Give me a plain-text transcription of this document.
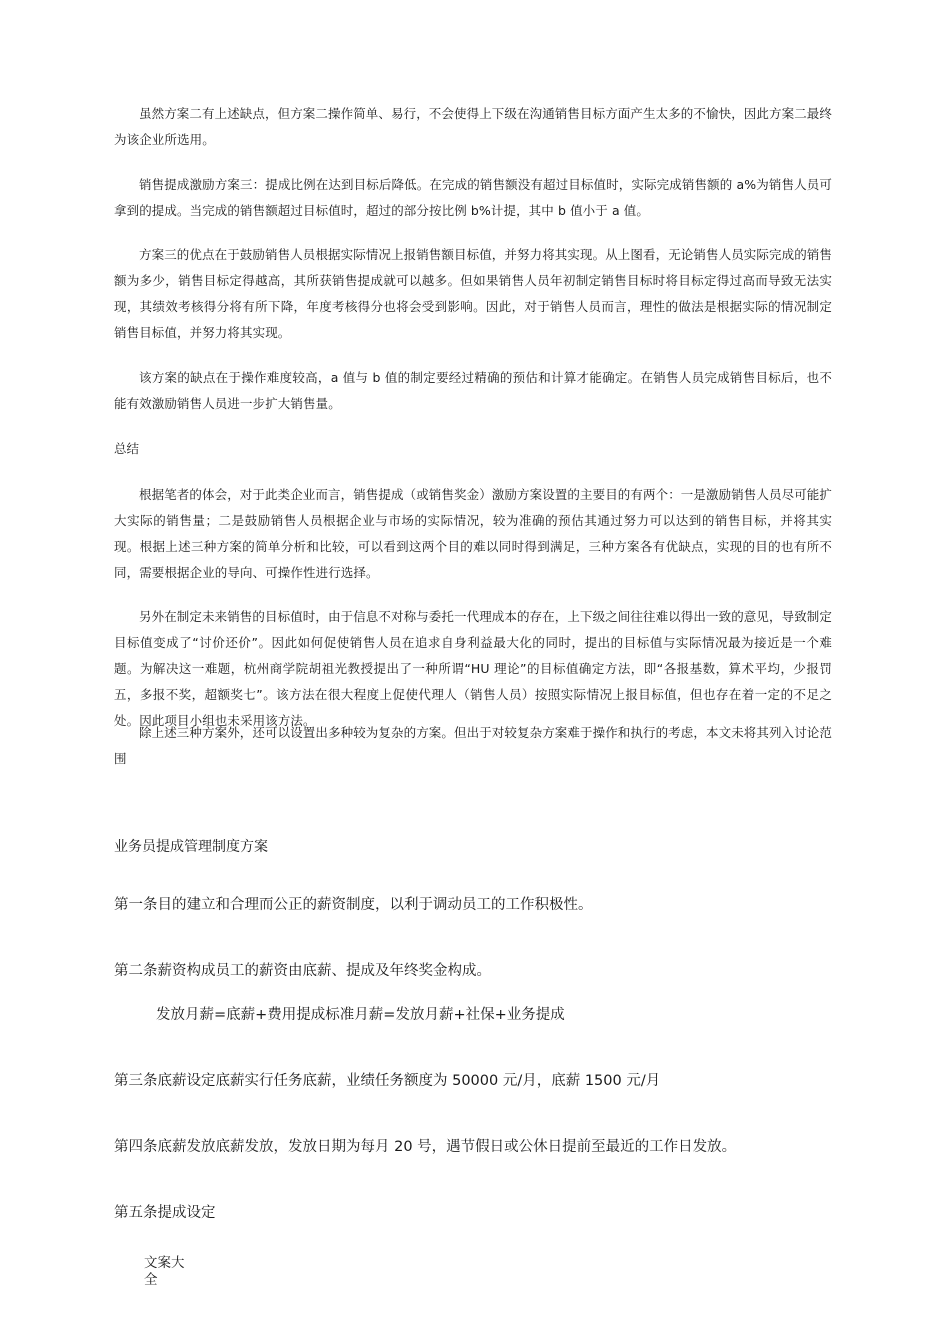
虽然方案二有上述缺点，但方案二操作简单、易行，不会使得上下级在沟通销售目标方面产生太多的不愉快，因此方案二最终为该企业所选用。

销售提成激励方案三：提成比例在达到目标后降低。在完成的销售额没有超过目标值时，实际完成销售额的 a%为销售人员可拿到的提成。当完成的销售额超过目标值时，超过的部分按比例 b%计提，其中 b 值小于 a 值。

方案三的优点在于鼓励销售人员根据实际情况上报销售额目标值，并努力将其实现。从上图看，无论销售人员实际完成的销售额为多少，销售目标定得越高，其所获销售提成就可以越多。但如果销售人员年初制定销售目标时将目标定得过高而导致无法实现，其绩效考核得分将有所下降，年度考核得分也将会受到影响。因此，对于销售人员而言，理性的做法是根据实际的情况制定销售目标值，并努力将其实现。

该方案的缺点在于操作难度较高，a 值与 b 值的制定要经过精确的预估和计算才能确定。在销售人员完成销售目标后，也不能有效激励销售人员进一步扩大销售量。

总结

根据笔者的体会，对于此类企业而言，销售提成（或销售奖金）激励方案设置的主要目的有两个：一是激励销售人员尽可能扩大实际的销售量；二是鼓励销售人员根据企业与市场的实际情况，较为准确的预估其通过努力可以达到的销售目标，并将其实现。根据上述三种方案的简单分析和比较，可以看到这两个目的难以同时得到满足，三种方案各有优缺点，实现的目的也有所不同，需要根据企业的导向、可操作性进行选择。

另外在制定未来销售的目标值时，由于信息不对称与委托一代理成本的存在，上下级之间往往难以得出一致的意见，导致制定目标值变成了“讨价还价”。因此如何促使销售人员在追求自身利益最大化的同时，提出的目标值与实际情况最为接近是一个难题。为解决这一难题，杭州商学院胡祖光教授提出了一种所谓“HU 理论”的目标值确定方法，即“各报基数，算术平均，少报罚五，多报不奖，超额奖七”。该方法在很大程度上促使代理人（销售人员）按照实际情况上报目标值，但也存在着一定的不足之处。因此项目小组也未采用该方法。

除上述三种方案外，还可以设置出多种较为复杂的方案。但出于对较复杂方案难于操作和执行的考虑，本文未将其列入讨论范围

业务员提成管理制度方案

第一条目的建立和合理而公正的薪资制度，以利于调动员工的工作积极性。

第二条薪资构成员工的薪资由底薪、提成及年终奖金构成。

发放月薪=底薪+费用提成标准月薪=发放月薪+社保+业务提成

第三条底薪设定底薪实行任务底薪，业绩任务额度为 50000 元/月，底薪 1500 元/月

第四条底薪发放底薪发放，发放日期为每月 20 号，遇节假日或公休日提前至最近的工作日发放。

第五条提成设定

文案大全
